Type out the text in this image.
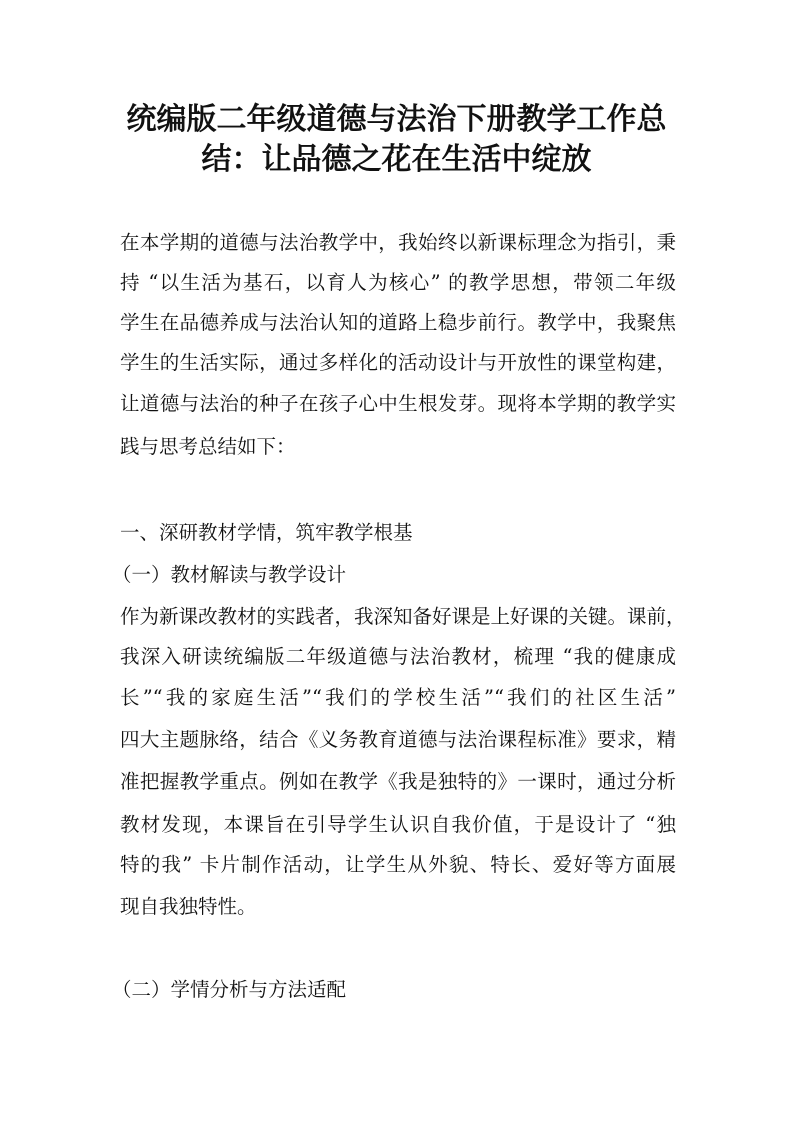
统编版二年级道德与法治下册教学工作总
结：让品德之花在生活中绽放
在本学期的道德与法治教学中，我始终以新课标理念为指引，秉
持 “以生活为基石，以育人为核心” 的教学思想，带领二年级
学生在品德养成与法治认知的道路上稳步前行。教学中，我聚焦
学生的生活实际，通过多样化的活动设计与开放性的课堂构建，
让道德与法治的种子在孩子心中生根发芽。现将本学期的教学实
践与思考总结如下：
一、深研教材学情，筑牢教学根基
（一）教材解读与教学设计
作为新课改教材的实践者，我深知备好课是上好课的关键。课前，
我深入研读统编版二年级道德与法治教材，梳理 “我的健康成
长”“我的家庭生活”“我们的学校生活”“我们的社区生活”
四大主题脉络，结合《义务教育道德与法治课程标准》要求，精
准把握教学重点。例如在教学《我是独特的》一课时，通过分析
教材发现，本课旨在引导学生认识自我价值，于是设计了 “独
特的我” 卡片制作活动，让学生从外貌、特长、爱好等方面展
现自我独特性。
（二）学情分析与方法适配
